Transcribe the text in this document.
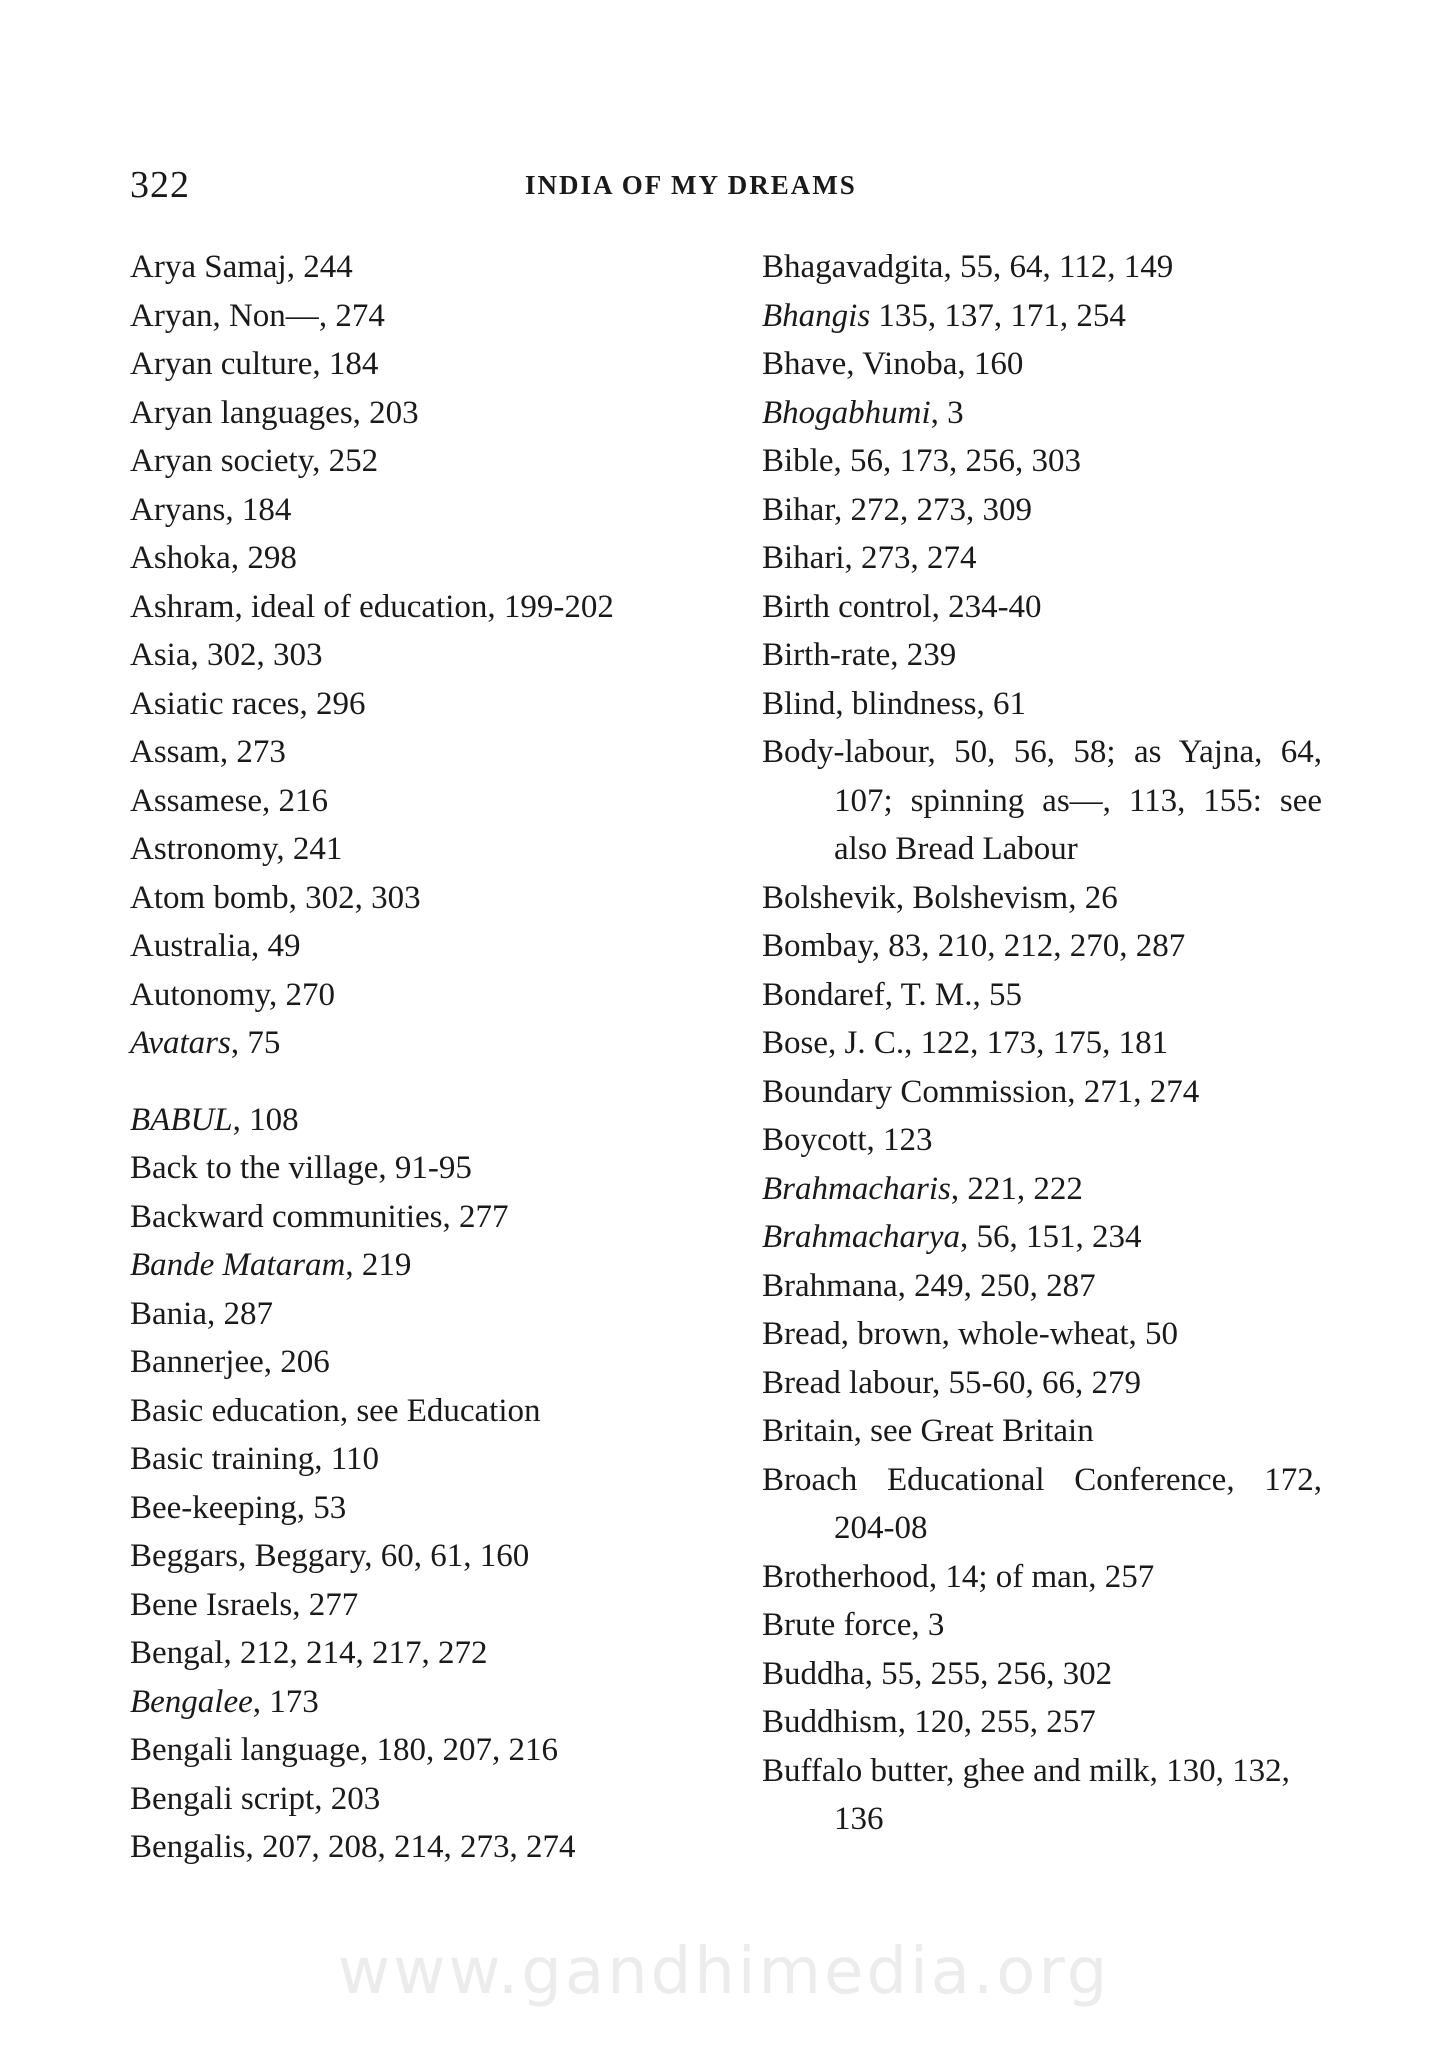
322	INDIA OF MY DREAMS

Arya Samaj, 244

Aryan, Non—, 274

Aryan culture, 184

Aryan languages, 203

Aryan society, 252

Aryans, 184

Ashoka, 298

Ashram, ideal of education, 199-202

Asia, 302, 303

Asiatic races, 296

Assam, 273

Assamese, 216

Astronomy, 241

Atom bomb, 302, 303

Australia, 49

Autonomy, 270

Avatars, 75

BABUL, 108

Back to the village, 91-95

Backward communities, 277

Bande Mataram, 219

Bania, 287

Bannerjee, 206

Basic education, see Education

Basic training, 110

Bee-keeping, 53

Beggars, Beggary, 60, 61, 160

Bene Israels, 277

Bengal, 212, 214, 217, 272

Bengalee, 173

Bengali language, 180, 207, 216

Bengali script, 203

Bengalis, 207, 208, 214, 273, 274

Bhagavadgita, 55, 64, 112, 149

Bhangis 135, 137, 171, 254

Bhave, Vinoba, 160

Bhogabhumi, 3

Bible, 56, 173, 256, 303

Bihar, 272, 273, 309

Bihari, 273, 274

Birth control, 234-40

Birth-rate, 239

Blind, blindness, 61

Body-labour, 50, 56, 58; as Yajna, 64, 107; spinning as—, 113, 155: see also Bread Labour

Bolshevik, Bolshevism, 26

Bombay, 83, 210, 212, 270, 287

Bondaref, T. M., 55

Bose, J. C., 122, 173, 175, 181

Boundary Commission, 271, 274

Boycott, 123

Brahmacharis, 221, 222

Brahmacharya, 56, 151, 234

Brahmana, 249, 250, 287

Bread, brown, whole-wheat, 50

Bread labour, 55-60, 66, 279

Britain, see Great Britain

Broach Educational Conference, 172, 204-08

Brotherhood, 14; of man, 257

Brute force, 3

Buddha, 55, 255, 256, 302

Buddhism, 120, 255, 257

Buffalo butter, ghee and milk, 130, 132, 136

www.gandhimedia.org
